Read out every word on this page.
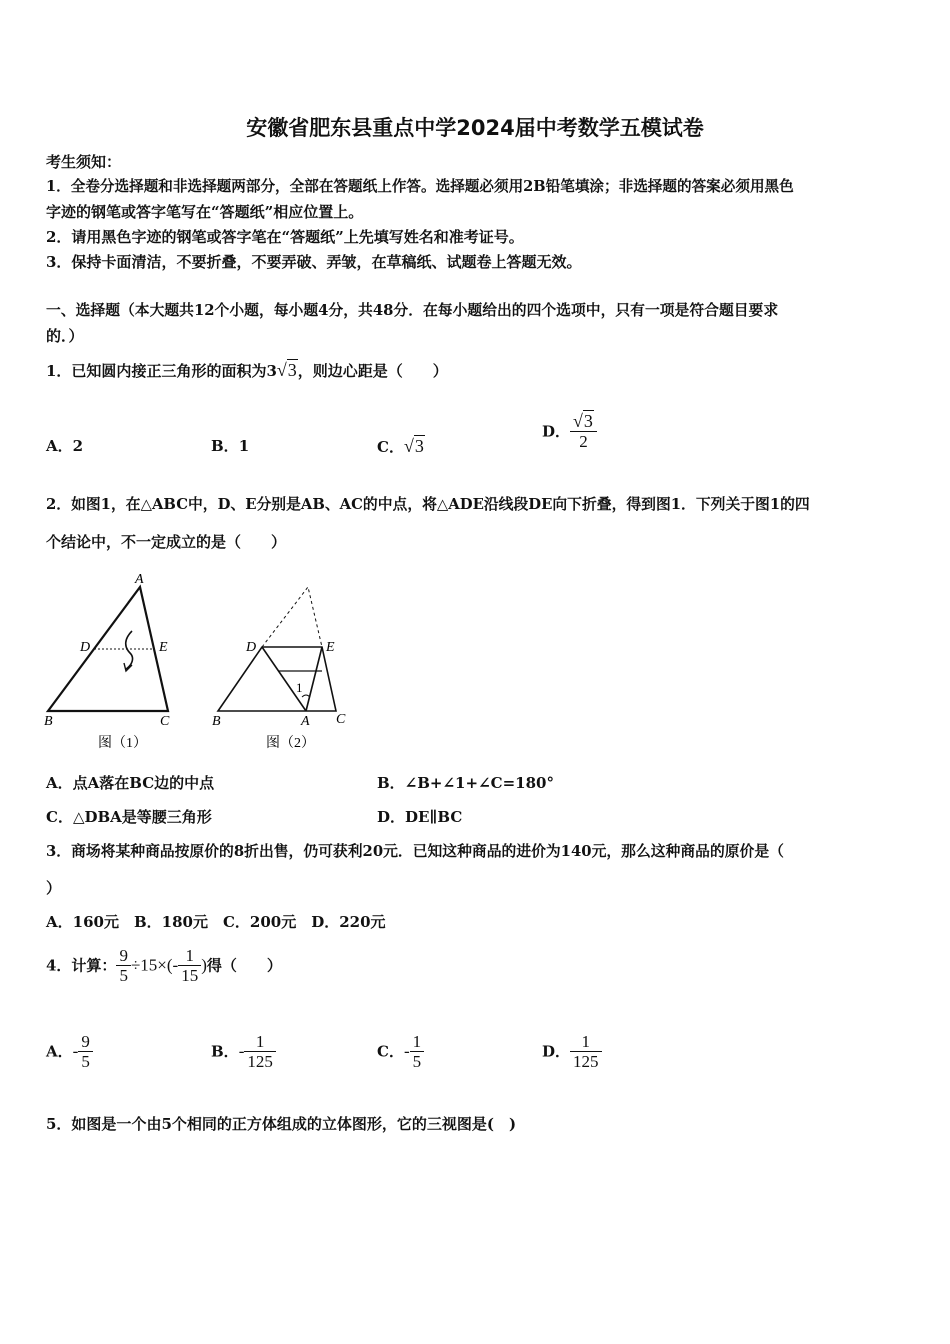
安徽省肥东县重点中学2024届中考数学五模试卷
考生须知：
1．全卷分选择题和非选择题两部分，全部在答题纸上作答。选择题必须用2B铅笔填涂；非选择题的答案必须用黑色
字迹的钢笔或答字笔写在“答题纸”相应位置上。
2．请用黑色字迹的钢笔或答字笔在“答题纸”上先填写姓名和准考证号。
3．保持卡面清洁，不要折叠，不要弄破、弄皱，在草稿纸、试题卷上答题无效。
一、选择题（本大题共12个小题，每小题4分，共48分．在每小题给出的四个选项中，只有一项是符合题目要求
的．）
1．已知圆内接正三角形的面积为3√3，则边心距是（　　）
A．2	B．1	C．√3
D． $\frac{√3}{2}$
2．如图1，在△ABC中，D、E分别是AB、AC的中点，将△ADE沿线段DE向下折叠，得到图1．下列关于图1的四
个结论中，不一定成立的是（　　）
A
D	E
B	C
图（1）
1
D	E
B	A C
图（2）
A．点A落在BC边的中点	B．∠B+∠1+∠C=180°
C．△DBA是等腰三角形	D．DE∥BC
3．商场将某种商品按原价的8折出售，仍可获利20元．已知这种商品的进价为140元，那么这种商品的原价是（
）
A．160元　B．180元　C．200元　D．220元
4．计算： $\frac{9}{5} \div 15\times(- \frac{1}{15}$ )得（　　）
A．- $\frac{9}{5}$	B．- $\frac{1}{125}$	C．- $\frac{1}{5}$	D． $\frac{1}{125}$
5．如图是一个由5个相同的正方体组成的立体图形，它的三视图是(　)
